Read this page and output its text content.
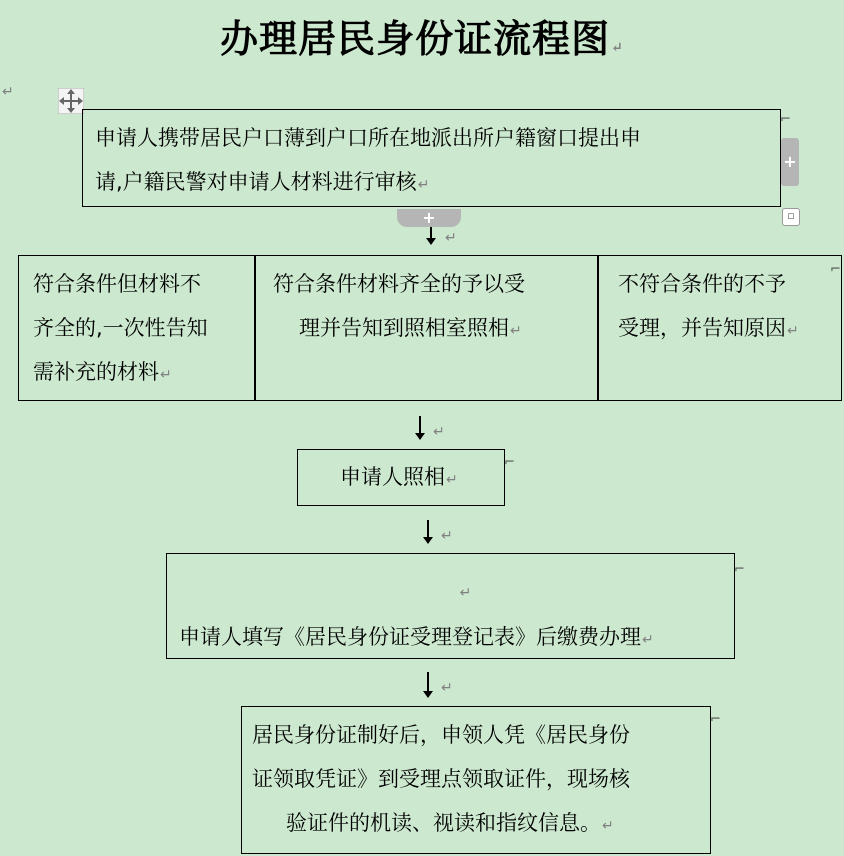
办理居民身份证流程图↵
↵
申请人携带居民户口薄到户口所在地派出所户籍窗口提出申
请,户籍民警对申请人材料进行审核↵
⌐
+
▫
+
↵
符合条件但材料不
齐全的,一次性告知
需补充的材料↵
符合条件材料齐全的予以受
理并告知到照相室照相↵
不符合条件的不予
受理，并告知原因↵
⌐
↵
申请人照相↵
⌐
↵
↵
申请人填写《居民身份证受理登记表》后缴费办理↵
⌐
↵
居民身份证制好后，申领人凭《居民身份
证领取凭证》到受理点领取证件，现场核
验证件的机读、视读和指纹信息。↵
⌐
